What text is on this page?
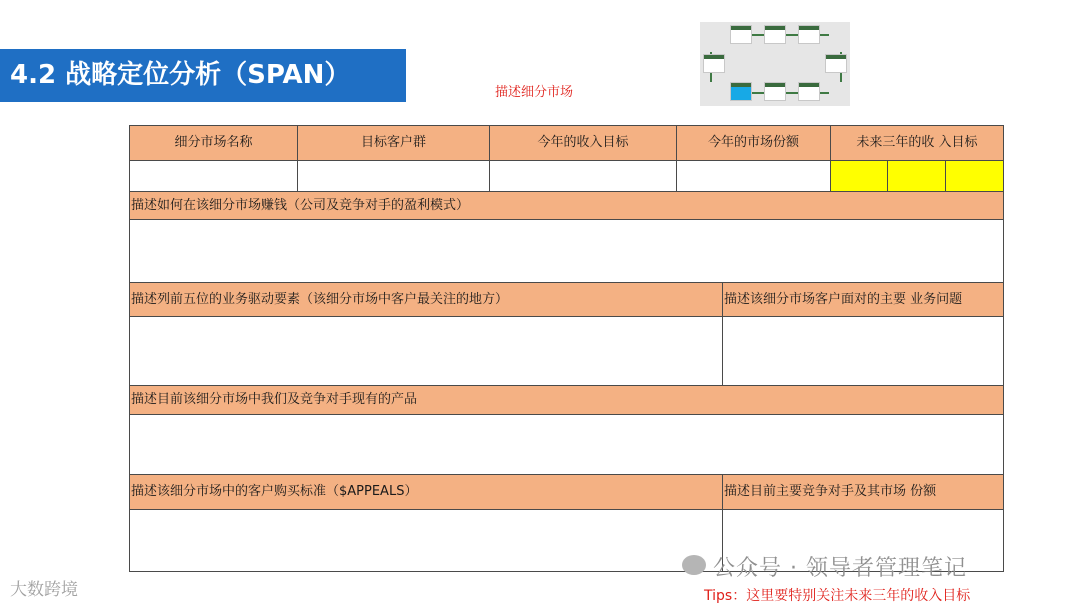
4.2 战略定位分析（SPAN）
描述细分市场
细分市场名称	目标客户群	今年的收入目标	今年的市场份额	未来三年的收 入目标
描述如何在该细分市场赚钱（公司及竞争对手的盈利模式）
描述列前五位的业务驱动要素（该细分市场中客户最关注的地方）	描述该细分市场客户面对的主要 业务问题
描述目前该细分市场中我们及竞争对手现有的产品
描述该细分市场中的客户购买标准（$APPEALS）	描述目前主要竞争对手及其市场 份额
公众号 · 领导者管理笔记
大数跨境	Tips：这里要特别关注未来三年的收入目标
